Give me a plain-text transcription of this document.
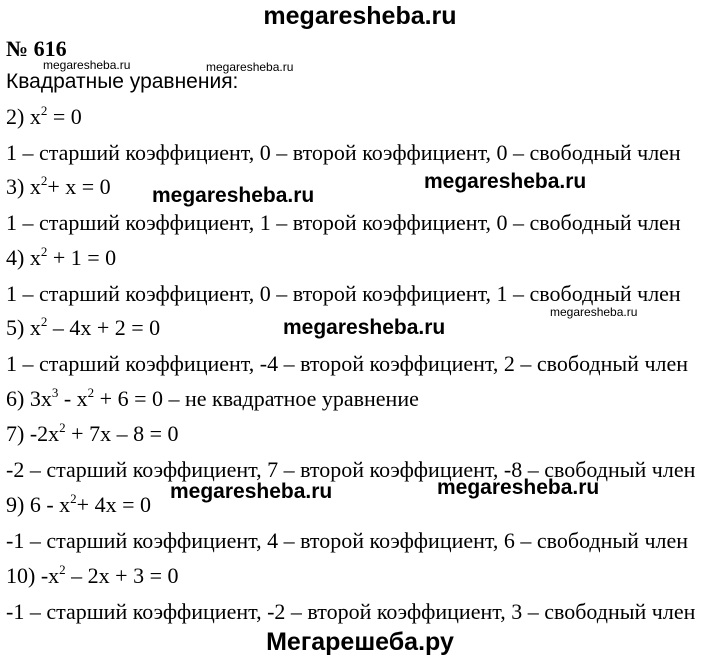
megaresheba.ru
№ 616
Квадратные уравнения:
2) $x^2 = 0$
1 – старший коэффициент, 0 – второй коэффициент, 0 – свободный член
3) $x^2+ x = 0$
1 – старший коэффициент, 1 – второй коэффициент, 0 – свободный член
4) $x^2 + 1 = 0$
1 – старший коэффициент, 0 – второй коэффициент, 1 – свободный член
5) $x^2 - 4x + 2 = 0$
1 – старший коэффициент, -4 – второй коэффициент, 2 – свободный член
6) $3x^3 - x^2 + 6 = 0$ – не квадратное уравнение
7) $-2x^2 + 7x - 8 = 0$
-2 – старший коэффициент, 7 – второй коэффициент, -8 – свободный член
9) $6 - x^2+ 4x = 0$
-1 – старший коэффициент, 4 – второй коэффициент, 6 – свободный член
10) $-x^2 - 2x + 3 = 0$
-1 – старший коэффициент, -2 – второй коэффициент, 3 – свободный член
megaresheba.ru	megaresheba.ru
megaresheba.ru
megaresheba.ru
megaresheba.ru
megaresheba.ru
megaresheba.ru	megaresheba.ru
Мегарешеба.ру
